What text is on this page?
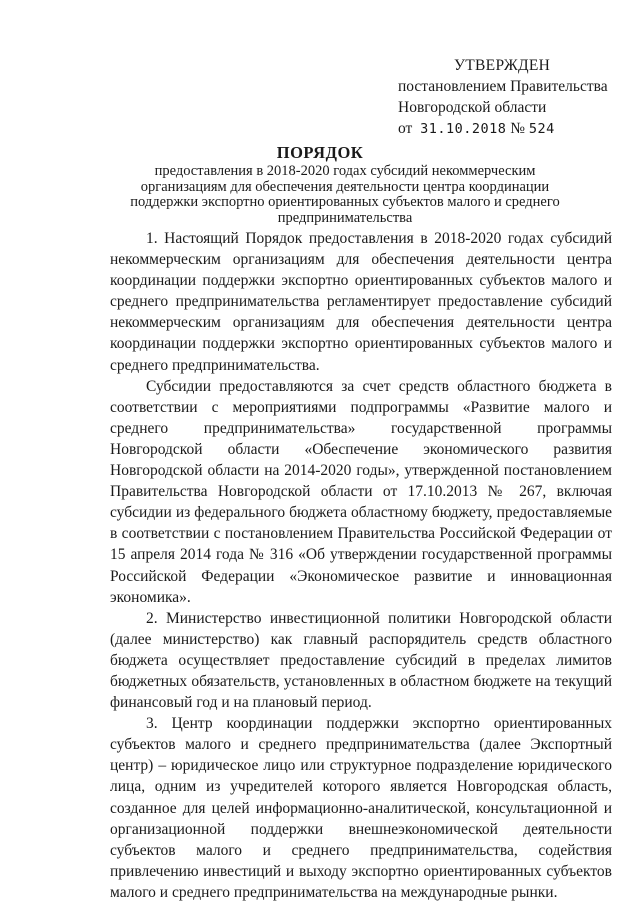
УТВЕРЖДЕН
постановлением Правительства
Новгородской области
от 31.10.2018 № 524
ПОРЯДОК
предоставления в 2018-2020 годах субсидий некоммерческим организациям для обеспечения деятельности центра координации поддержки экспортно ориентированных субъектов малого и среднего предпринимательства

1. Настоящий Порядок предоставления в 2018-2020 годах субсидий некоммерческим организациям для обеспечения деятельности центра координации поддержки экспортно ориентированных субъектов малого и среднего предпринимательства регламентирует предоставление субсидий некоммерческим организациям для обеспечения деятельности центра координации поддержки экспортно ориентированных субъектов малого и среднего предпринимательства.

Субсидии предоставляются за счет средств областного бюджета в соответствии с мероприятиями подпрограммы «Развитие малого и среднего предпринимательства» государственной программы Новгородской области «Обеспечение экономического развития Новгородской области на 2014-2020 годы», утвержденной постановлением Правительства Новгородской области от 17.10.2013 № 267, включая субсидии из федерального бюджета областному бюджету, предоставляемые в соответствии с постановлением Правительства Российской Федерации от 15 апреля 2014 года № 316 «Об утверждении государственной программы Российской Федерации «Экономическое развитие и инновационная экономика».

2. Министерство инвестиционной политики Новгородской области (далее министерство) как главный распорядитель средств областного бюджета осуществляет предоставление субсидий в пределах лимитов бюджетных обязательств, установленных в областном бюджете на текущий финансовый год и на плановый период.

3. Центр координации поддержки экспортно ориентированных субъектов малого и среднего предпринимательства (далее Экспортный центр) – юридическое лицо или структурное подразделение юридического лица, одним из учредителей которого является Новгородская область, созданное для целей информационно-аналитической, консультационной и организационной поддержки внешнеэкономической деятельности субъектов малого и среднего предпринимательства, содействия привлечению инвестиций и выходу экспортно ориентированных субъектов малого и среднего предпринимательства на международные рынки.
